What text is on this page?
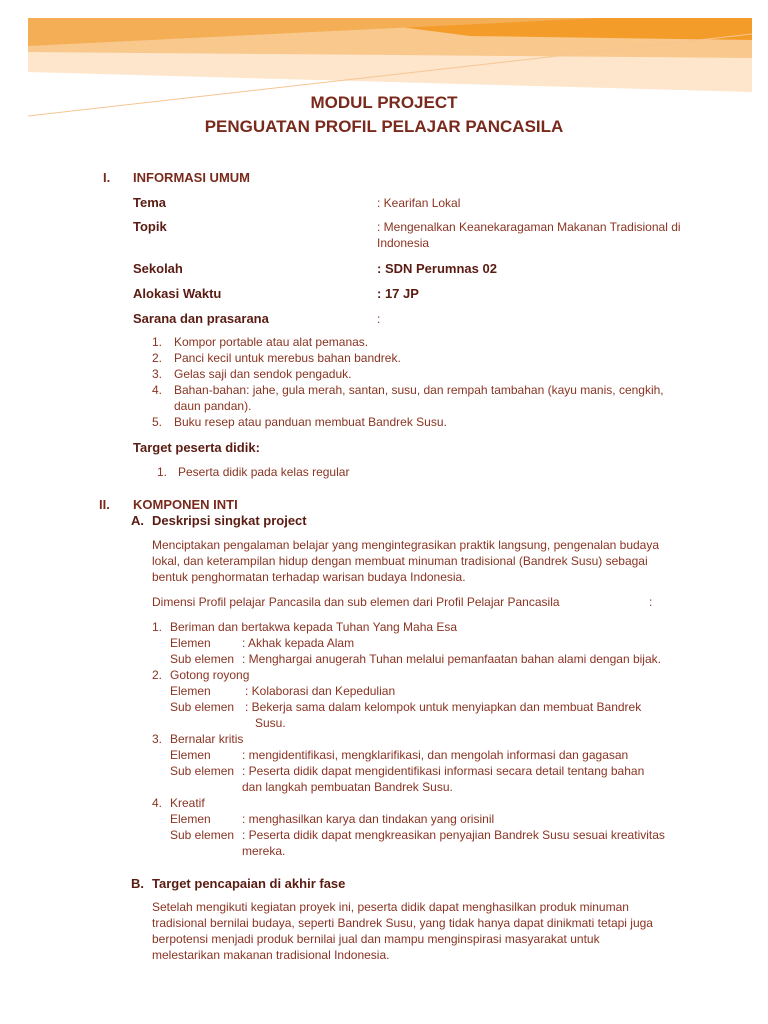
MODUL PROJECT
PENGUATAN PROFIL PELAJAR PANCASILA
I. INFORMASI UMUM
Tema	: Kearifan Lokal
Topik	: Mengenalkan Keanekaragaman Makanan Tradisional di
Indonesia
Sekolah	: SDN Perumnas 02
Alokasi Waktu	: 17 JP
Sarana dan prasarana	:
1. Kompor portable atau alat pemanas.
2. Panci kecil untuk merebus bahan bandrek.
3. Gelas saji dan sendok pengaduk.
4. Bahan-bahan: jahe, gula merah, santan, susu, dan rempah tambahan (kayu manis, cengkih,
daun pandan).
5. Buku resep atau panduan membuat Bandrek Susu.
Target peserta didik:
1. Peserta didik pada kelas regular
II. KOMPONEN INTI
A. Deskripsi singkat project
Menciptakan pengalaman belajar yang mengintegrasikan praktik langsung, pengenalan budaya
lokal, dan keterampilan hidup dengan membuat minuman tradisional (Bandrek Susu) sebagai
bentuk penghormatan terhadap warisan budaya Indonesia.
Dimensi Profil pelajar Pancasila dan sub elemen dari Profil Pelajar Pancasila	:
1. Beriman dan bertakwa kepada Tuhan Yang Maha Esa
Elemen	: Akhak kepada Alam
Sub elemen : Menghargai anugerah Tuhan melalui pemanfaatan bahan alami dengan bijak.
2. Gotong royong
Elemen	: Kolaborasi dan Kepedulian
Sub elemen : Bekerja sama dalam kelompok untuk menyiapkan dan membuat Bandrek
Susu.
3. Bernalar kritis
Elemen	: mengidentifikasi, mengklarifikasi, dan mengolah informasi dan gagasan
Sub elemen : Peserta didik dapat mengidentifikasi informasi secara detail tentang bahan
dan langkah pembuatan Bandrek Susu.
4. Kreatif
Elemen	: menghasilkan karya dan tindakan yang orisinil
Sub elemen : Peserta didik dapat mengkreasikan penyajian Bandrek Susu sesuai kreativitas
mereka.
B. Target pencapaian di akhir fase
Setelah mengikuti kegiatan proyek ini, peserta didik dapat menghasilkan produk minuman
tradisional bernilai budaya, seperti Bandrek Susu, yang tidak hanya dapat dinikmati tetapi juga
berpotensi menjadi produk bernilai jual dan mampu menginspirasi masyarakat untuk
melestarikan makanan tradisional Indonesia.
